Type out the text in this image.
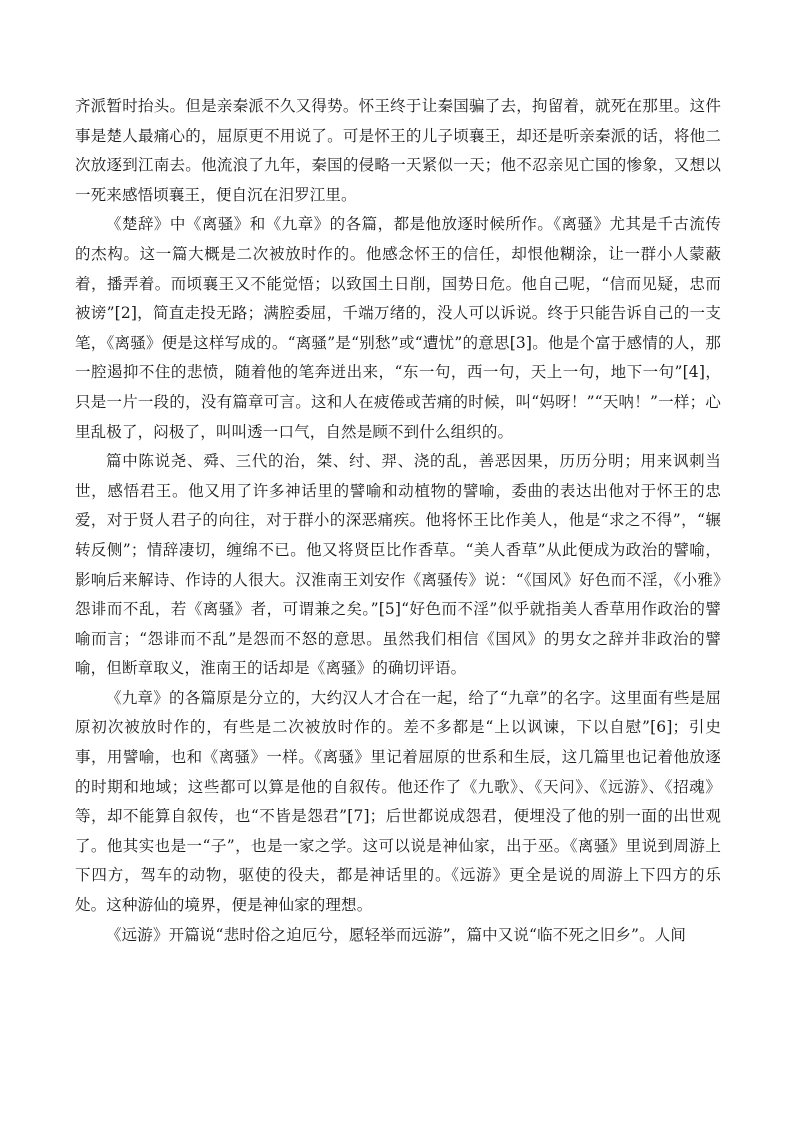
齐派暂时抬头。但是亲秦派不久又得势。怀王终于让秦国骗了去，拘留着，就死在那里。这件事是楚人最痛心的，屈原更不用说了。可是怀王的儿子顷襄王，却还是听亲秦派的话，将他二次放逐到江南去。他流浪了九年，秦国的侵略一天紧似一天；他不忍亲见亡国的惨象，又想以一死来感悟顷襄王，便自沉在汨罗江里。

《楚辞》中《离骚》和《九章》的各篇，都是他放逐时候所作。《离骚》尤其是千古流传的杰构。这一篇大概是二次被放时作的。他感念怀王的信任，却恨他糊涂，让一群小人蒙蔽着，播弄着。而顷襄王又不能觉悟；以致国土日削，国势日危。他自己呢，“信而见疑，忠而被谤”[2]，简直走投无路；满腔委屈，千端万绪的，没人可以诉说。终于只能告诉自己的一支笔，《离骚》便是这样写成的。“离骚”是“别愁”或“遭忧”的意思[3]。他是个富于感情的人，那一腔遏抑不住的悲愤，随着他的笔奔迸出来，“东一句，西一句，天上一句，地下一句”[4]，只是一片一段的，没有篇章可言。这和人在疲倦或苦痛的时候，叫“妈呀！”“天呐！”一样；心里乱极了，闷极了，叫叫透一口气，自然是顾不到什么组织的。

篇中陈说尧、舜、三代的治，桀、纣、羿、浇的乱，善恶因果，历历分明；用来讽刺当世，感悟君王。他又用了许多神话里的譬喻和动植物的譬喻，委曲的表达出他对于怀王的忠爱，对于贤人君子的向往，对于群小的深恶痛疾。他将怀王比作美人，他是“求之不得”，“辗转反侧”；情辞凄切，缠绵不已。他又将贤臣比作香草。“美人香草”从此便成为政治的譬喻，影响后来解诗、作诗的人很大。汉淮南王刘安作《离骚传》说：“《国风》好色而不淫，《小雅》怨诽而不乱，若《离骚》者，可谓兼之矣。”[5]“好色而不淫”似乎就指美人香草用作政治的譬喻而言；“怨诽而不乱”是怨而不怒的意思。虽然我们相信《国风》的男女之辞并非政治的譬喻，但断章取义，淮南王的话却是《离骚》的确切评语。

《九章》的各篇原是分立的，大约汉人才合在一起，给了“九章”的名字。这里面有些是屈原初次被放时作的，有些是二次被放时作的。差不多都是“上以讽谏，下以自慰”[6]；引史事，用譬喻，也和《离骚》一样。《离骚》里记着屈原的世系和生辰，这几篇里也记着他放逐的时期和地域；这些都可以算是他的自叙传。他还作了《九歌》、《天问》、《远游》、《招魂》等，却不能算自叙传，也“不皆是怨君”[7]；后世都说成怨君，便埋没了他的别一面的出世观了。他其实也是一“子”，也是一家之学。这可以说是神仙家，出于巫。《离骚》里说到周游上下四方，驾车的动物，驱使的役夫，都是神话里的。《远游》更全是说的周游上下四方的乐处。这种游仙的境界，便是神仙家的理想。

《远游》开篇说“悲时俗之迫厄兮，愿轻举而远游”，篇中又说“临不死之旧乡”。人间
